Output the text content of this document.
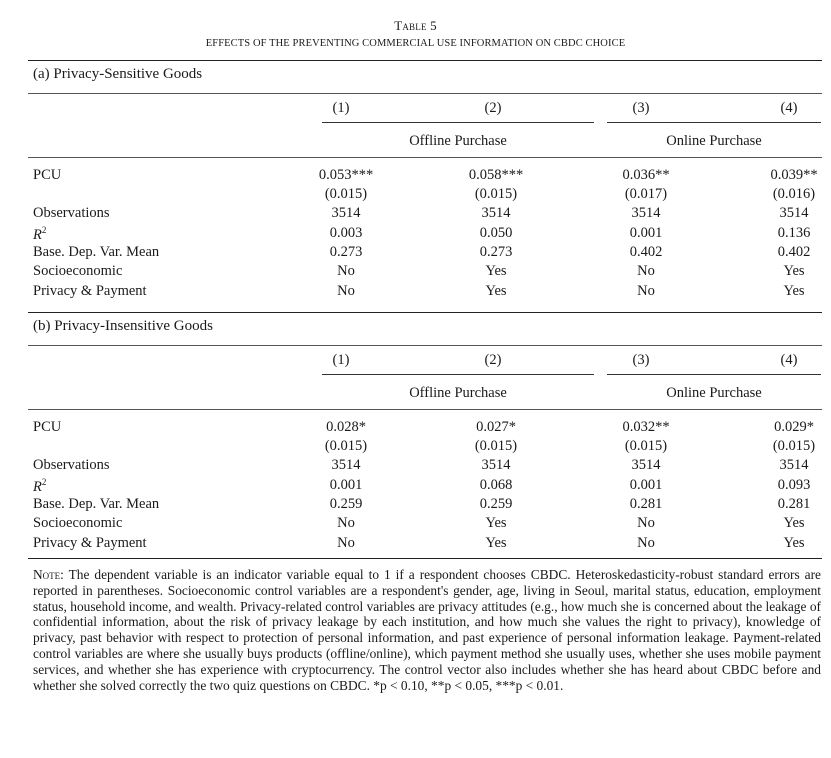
Table 5
EFFECTS OF THE PREVENTING COMMERCIAL USE INFORMATION ON CBDC CHOICE
(a) Privacy-Sensitive Goods
(1)	(2)	(3)	(4)
Offline Purchase	Online Purchase
PCU	0.053***	0.058***	0.036**	0.039**
(0.015)	(0.015)	(0.017)	(0.016)
Observations	3514	3514	3514	3514
$R^2$	0.003	0.050	0.001	0.136
Base. Dep. Var. Mean	0.273	0.273	0.402	0.402
Socioeconomic	No	Yes	No	Yes
Privacy & Payment	No	Yes	No	Yes
(b) Privacy-Insensitive Goods
(1)	(2)	(3)	(4)
Offline Purchase	Online Purchase
PCU	0.028*	0.027*	0.032**	0.029*
(0.015)	(0.015)	(0.015)	(0.015)
Observations	3514	3514	3514	3514
$R^2$	0.001	0.068	0.001	0.093
Base. Dep. Var. Mean	0.259	0.259	0.281	0.281
Socioeconomic	No	Yes	No	Yes
Privacy & Payment	No	Yes	No	Yes
Note: The dependent variable is an indicator variable equal to 1 if a respondent chooses CBDC. Heteroskedasticity-robust standard errors are reported in parentheses. Socioeconomic control variables are a respondent's gender, age, living in Seoul, marital status, education, employment status, household income, and wealth. Privacy-related control variables are privacy attitudes (e.g., how much she is concerned about the leakage of confidential information, about the risk of privacy leakage by each institution, and how much she values the right to privacy), knowledge of privacy, past behavior with respect to protection of personal information, and past experience of personal information leakage. Payment-related control variables are where she usually buys products (offline/online), which payment method she usually uses, whether she uses mobile payment services, and whether she has experience with cryptocurrency. The control vector also includes whether she has heard about CBDC before and whether she solved correctly the two quiz questions on CBDC. *p < 0.10, **p < 0.05, ***p < 0.01.
